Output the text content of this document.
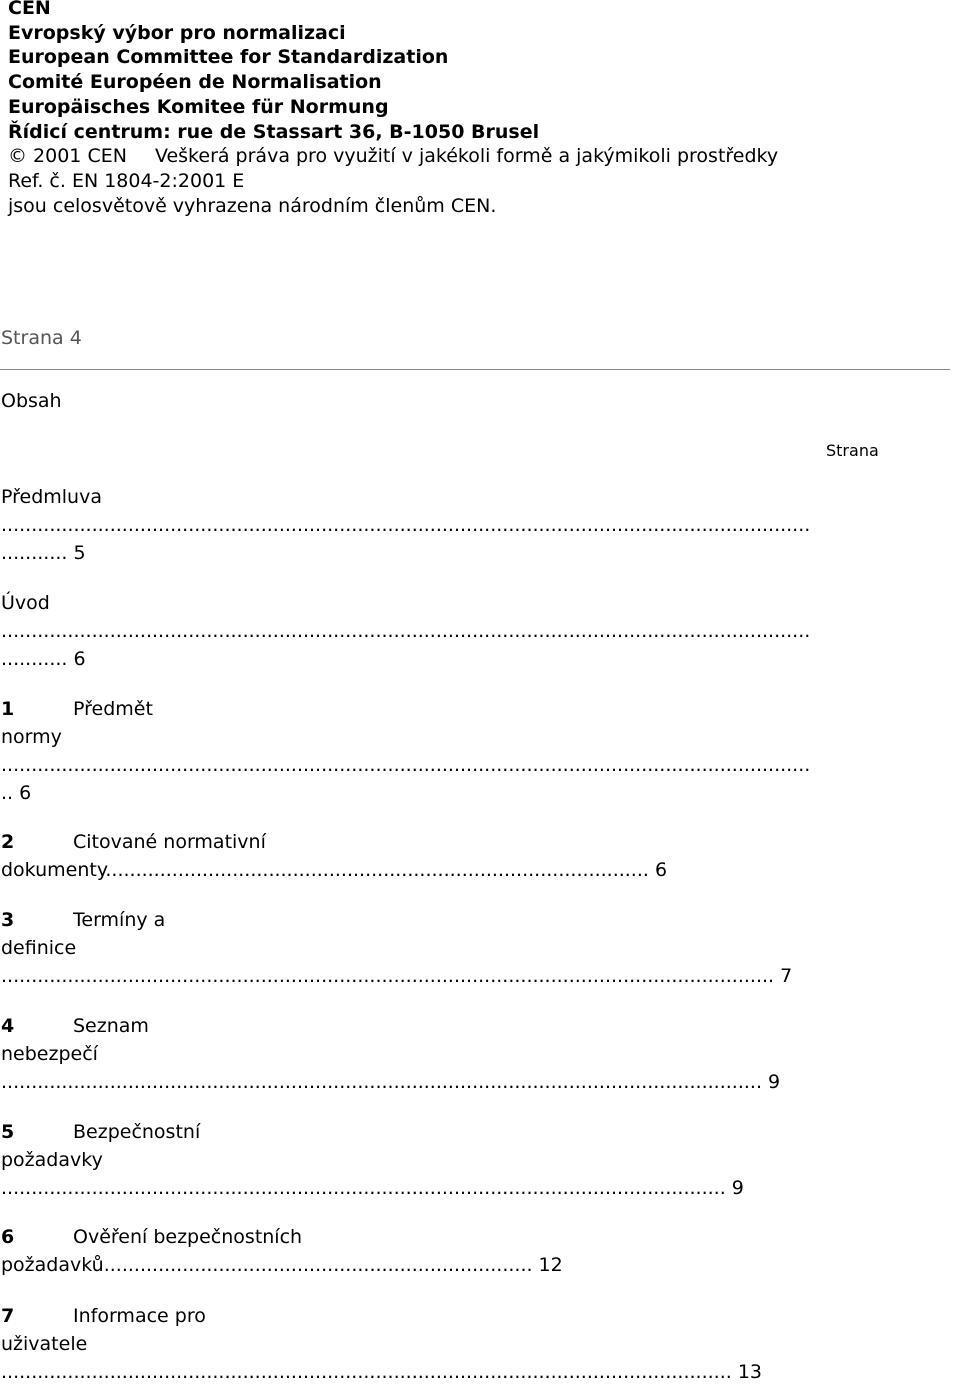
CEN
Evropský výbor pro normalizaci
European Committee for Standardization
Comité Européen de Normalisation
Europäisches Komitee für Normung
Řídicí centrum: rue de Stassart 36, B-1050 Brusel
© 2001 CEN Veškerá práva pro využití v jakékoli formě a jakýmikoli prostředky
Ref. č. EN 1804-2:2001 E
jsou celosvětově vyhrazena národním členům CEN.
Strana 4
Obsah
Strana
Předmluva
......................................................................................................................................
........... 5
Úvod
......................................................................................................................................
........... 6
1	Předmět
normy
......................................................................................................................................
.. 6
2	Citované normativní
dokumenty.......................................................................................... 6
3	Termíny a
definice
................................................................................................................................ 7
4	Seznam
nebezpečí
.............................................................................................................................. 9
5	Bezpečnostní
požadavky
........................................................................................................................ 9
6	Ověření bezpečnostních
požadavků....................................................................... 12
7	Informace pro
uživatele
......................................................................................................................... 13
